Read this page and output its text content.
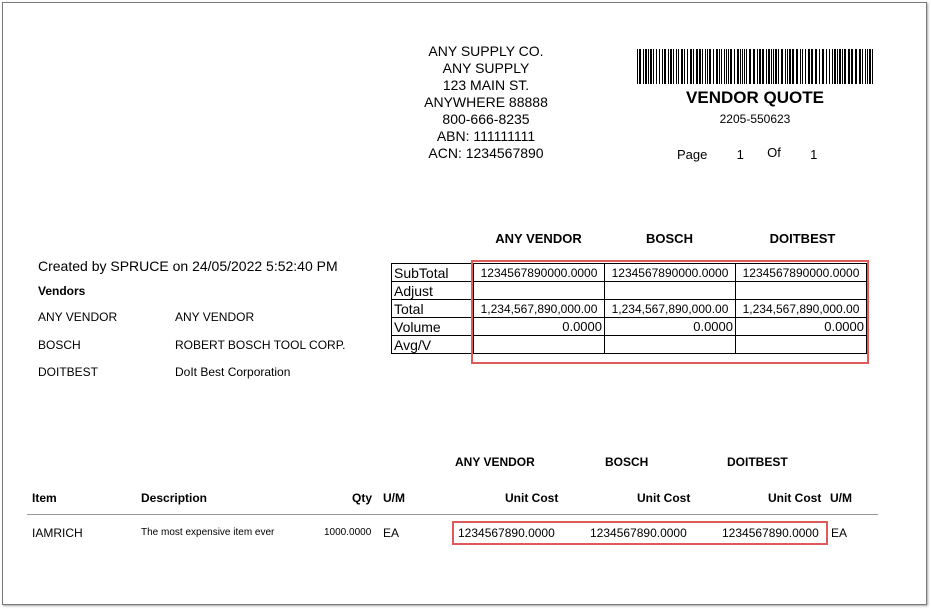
ANY SUPPLY CO.
ANY SUPPLY
123 MAIN ST.
ANYWHERE 88888
800-666-8235
ABN: 111111111
ACN: 1234567890
VENDOR QUOTE
2205-550623
Page 1 Of 1
ANY VENDOR	BOSCH	DOITBEST
Created by SPRUCE on 24/05/2022 5:52:40 PM
Vendors
ANY VENDOR	ANY VENDOR
BOSCH	ROBERT BOSCH TOOL CORP.
DOITBEST	DoIt Best Corporation
SubTotal	1234567890000.0000	1234567890000.0000	1234567890000.0000
Adjust			
Total	1,234,567,890,000.00	1,234,567,890,000.00	1,234,567,890,000.00
Volume	0.0000	0.0000	0.0000
Avg/V			
ANY VENDOR	BOSCH	DOITBEST
Item	Description	Qty U/M	Unit Cost	Unit Cost	Unit Cost U/M
IAMRICH	The most expensive item ever	1000.0000 EA	1234567890.0000	1234567890.0000	1234567890.0000 EA
